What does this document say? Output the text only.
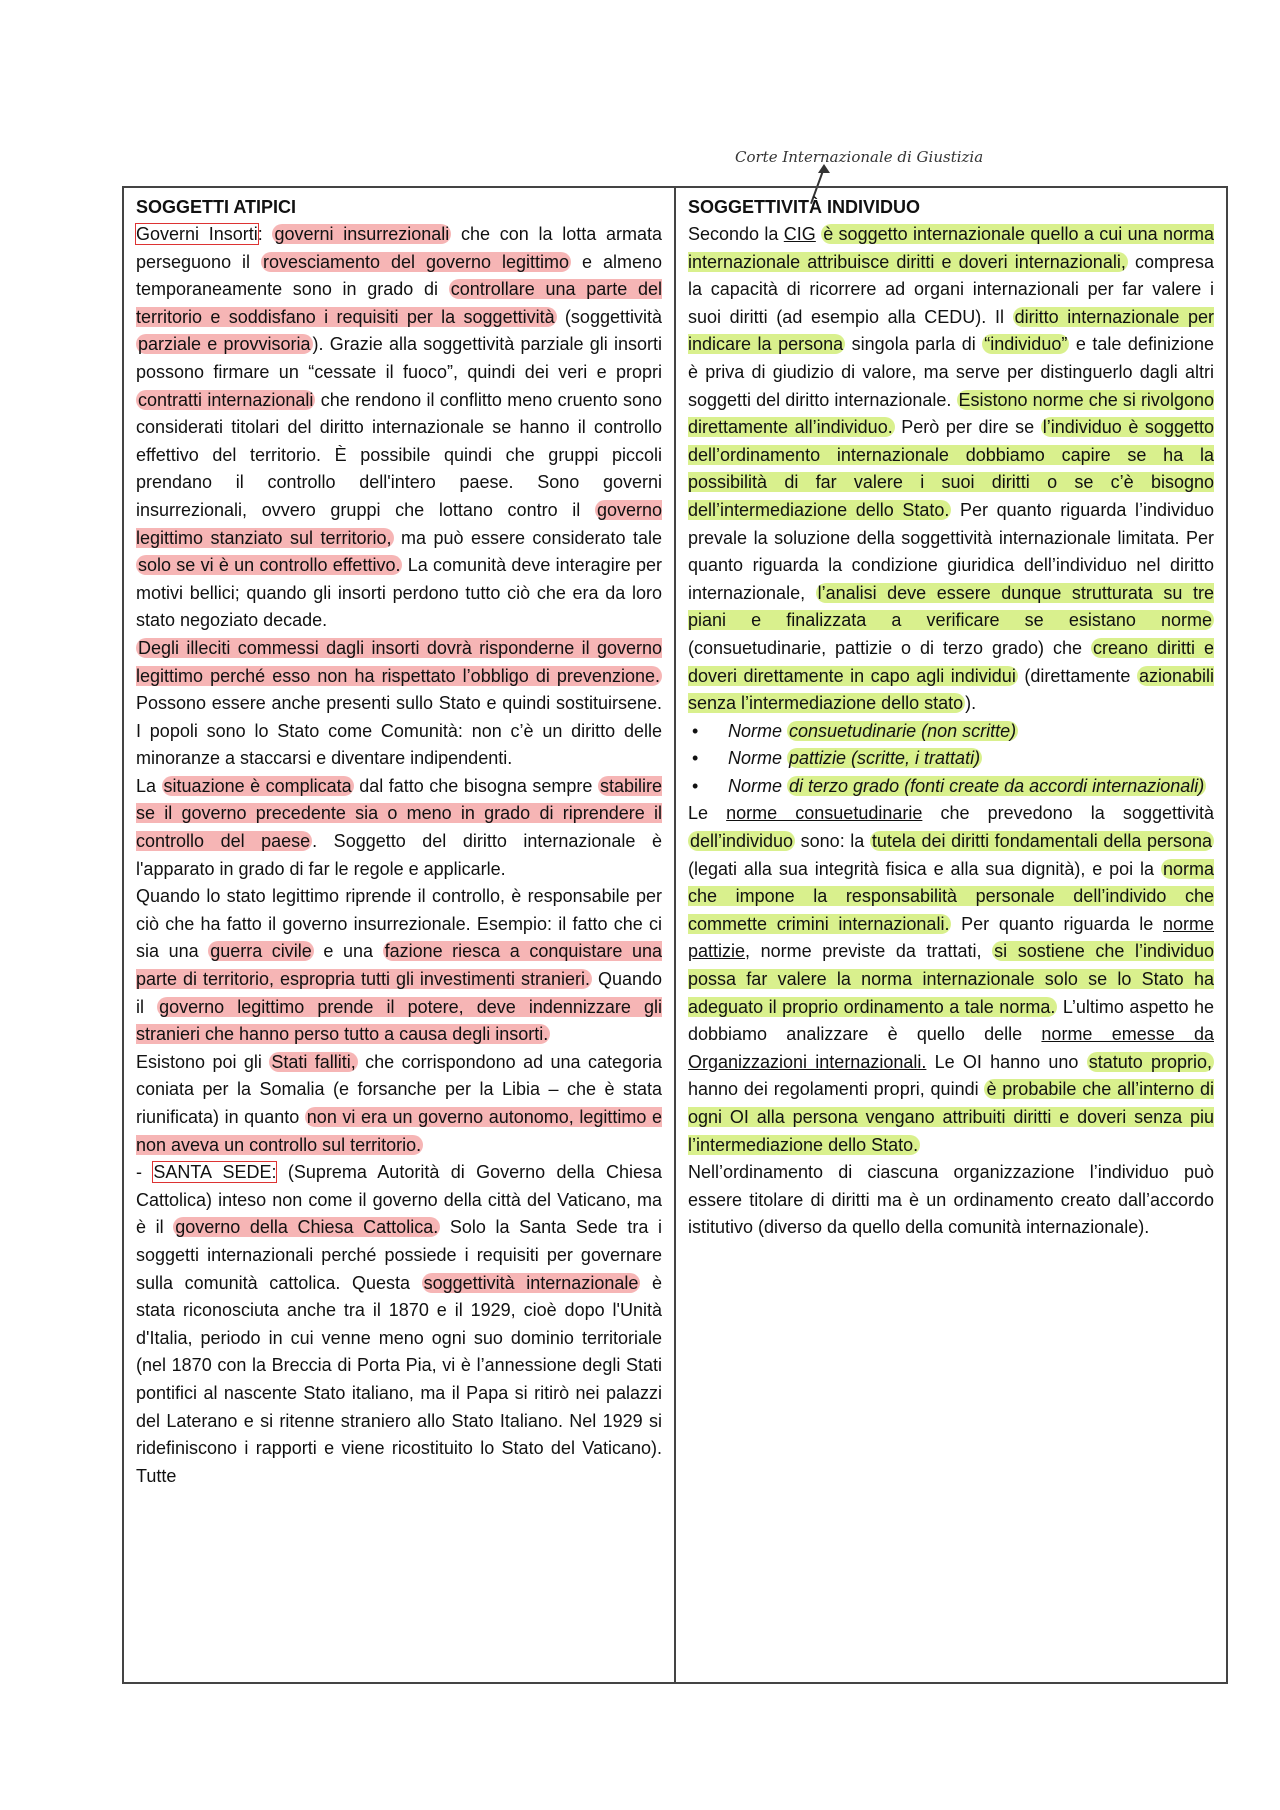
Corte Internazionale di Giustizia
SOGGETTI ATIPICI

Governi Insorti: governi insurrezionali che con la lotta armata perseguono il rovesciamento del governo legittimo e almeno temporaneamente sono in grado di controllare una parte del territorio e soddisfano i requisiti per la soggettività (soggettività parziale e provvisoria ). Grazie alla soggettività parziale gli insorti possono firmare un “cessate il fuoco”, quindi dei veri e propri contratti internazionali che rendono il conflitto meno cruento sono considerati titolari del diritto internazionale se hanno il controllo effettivo del territorio. È possibile quindi che gruppi piccoli prendano il controllo dell'intero paese. Sono governi insurrezionali, ovvero gruppi che lottano contro il governo legittimo stanziato sul territorio, ma può essere considerato tale solo se vi è un controllo effettivo. La comunità deve interagire per motivi bellici; quando gli insorti perdono tutto ciò che era da loro stato negoziato decade.

Degli illeciti commessi dagli insorti dovrà risponderne il governo legittimo perché esso non ha rispettato l’obbligo di prevenzione. Possono essere anche presenti sullo Stato e quindi sostituirsene. I popoli sono lo Stato come Comunità: non c’è un diritto delle minoranze a staccarsi e diventare indipendenti.

La situazione è complicata dal fatto che bisogna sempre stabilire se il governo precedente sia o meno in grado di riprendere il controllo del paese . Soggetto del diritto internazionale è l'apparato in grado di far le regole e applicarle.

Quando lo stato legittimo riprende il controllo, è responsabile per ciò che ha fatto il governo insurrezionale. Esempio: il fatto che ci sia una guerra civile e una fazione riesca a conquistare una parte di territorio, espropria tutti gli investimenti stranieri. Quando il governo legittimo prende il potere, deve indennizzare gli stranieri che hanno perso tutto a causa degli insorti.

Esistono poi gli Stati falliti, che corrispondono ad una categoria coniata per la Somalia (e forsanche per la Libia – che è stata riunificata) in quanto non vi era un governo autonomo, legittimo e non aveva un controllo sul territorio.

- SANTA SEDE: (Suprema Autorità di Governo della Chiesa Cattolica) inteso non come il governo della città del Vaticano, ma è il governo della Chiesa Cattolica. Solo la Santa Sede tra i soggetti internazionali perché possiede i requisiti per governare sulla comunità cattolica. Questa soggettività internazionale è stata riconosciuta anche tra il 1870 e il 1929, cioè dopo l'Unità d'Italia, periodo in cui venne meno ogni suo dominio territoriale (nel 1870 con la Breccia di Porta Pia, vi è l’annessione degli Stati pontifici al nascente Stato italiano, ma il Papa si ritirò nei palazzi del Laterano e si ritenne straniero allo Stato Italiano. Nel 1929 si ridefiniscono i rapporti e viene ricostituito lo Stato del Vaticano). Tutte

SOGGETTIVITÀ INDIVIDUO

Secondo la CIG è soggetto internazionale quello a cui una norma internazionale attribuisce diritti e doveri internazionali, compresa la capacità di ricorrere ad organi internazionali per far valere i suoi diritti (ad esempio alla CEDU). Il diritto internazionale per indicare la persona singola parla di “individuo” e tale definizione è priva di giudizio di valore, ma serve per distinguerlo dagli altri soggetti del diritto internazionale. Esistono norme che si rivolgono direttamente all’individuo. Però per dire se l’individuo è soggetto dell’ordinamento internazionale dobbiamo capire se ha la possibilità di far valere i suoi diritti o se c’è bisogno dell’intermediazione dello Stato. Per quanto riguarda l’individuo prevale la soluzione della soggettività internazionale limitata. Per quanto riguarda la condizione giuridica dell’individuo nel diritto internazionale, l’analisi deve essere dunque strutturata su tre piani e finalizzata a verificare se esistano norme (consuetudinarie, pattizie o di terzo grado) che creano diritti e doveri direttamente in capo agli individui (direttamente azionabili senza l’intermediazione dello stato ).

• Norme consuetudinarie (non scritte)
• Norme pattizie (scritte, i trattati)
• Norme di terzo grado (fonti create da accordi internazionali)

Le norme consuetudinarie che prevedono la soggettività dell’individuo sono: la tutela dei diritti fondamentali della persona (legati alla sua integrità fisica e alla sua dignità), e poi la norma che impone la responsabilità personale dell’individo che commette crimini internazionali. Per quanto riguarda le norme pattizie, norme previste da trattati, si sostiene che l’individuo possa far valere la norma internazionale solo se lo Stato ha adeguato il proprio ordinamento a tale norma. L’ultimo aspetto he dobbiamo analizzare è quello delle norme emesse da Organizzazioni internazionali. Le OI hanno uno statuto proprio, hanno dei regolamenti propri, quindi è probabile che all’interno di ogni OI alla persona vengano attribuiti diritti e doveri senza piu l’intermediazione dello Stato.

Nell’ordinamento di ciascuna organizzazione l’individuo può essere titolare di diritti ma è un ordinamento creato dall’accordo istitutivo (diverso da quello della comunità internazionale).
